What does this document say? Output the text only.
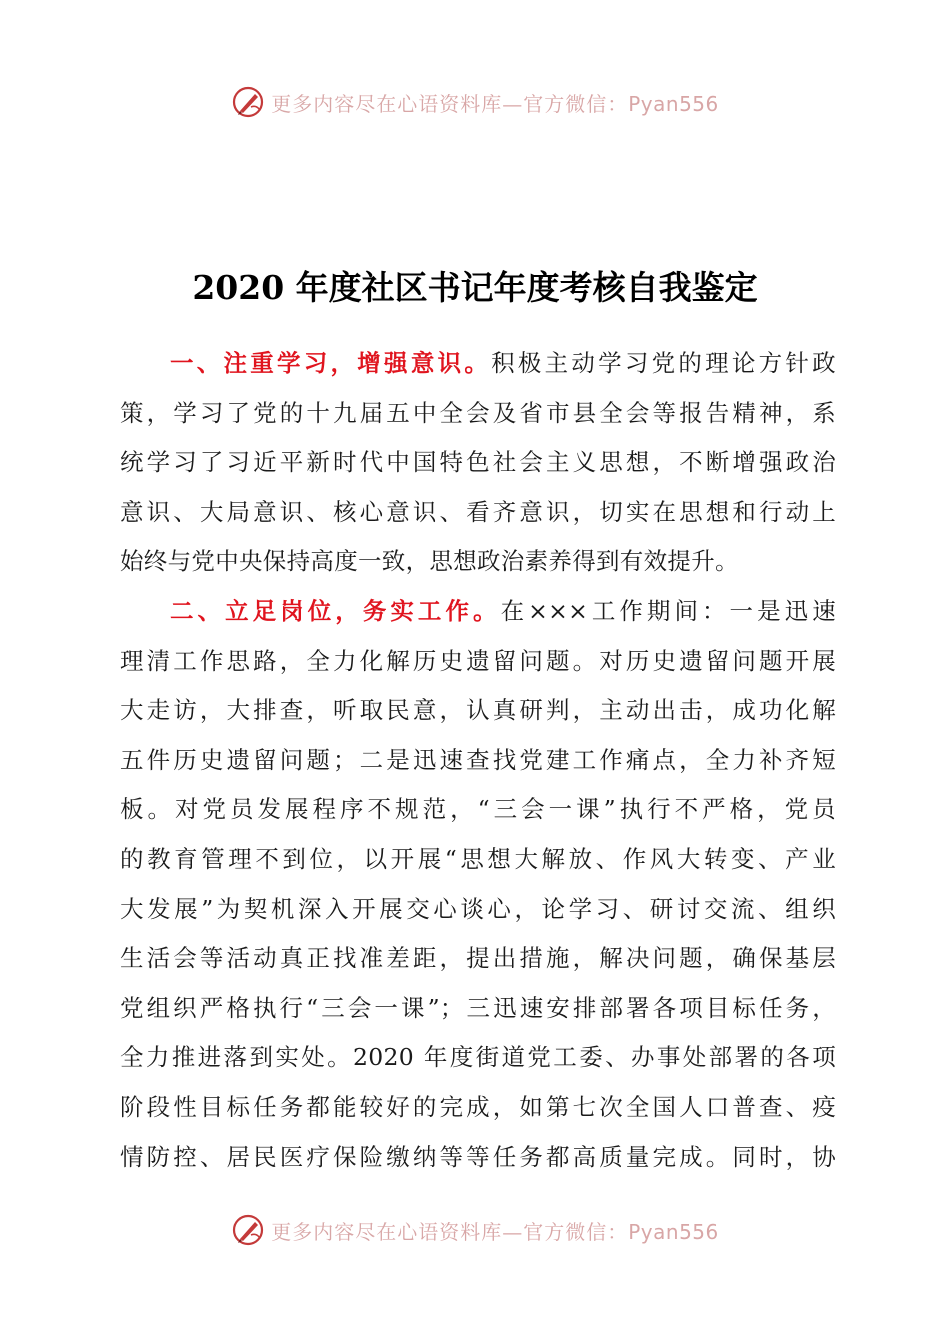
更多内容尽在心语资料库—官方微信：Pyan556
2020 年度社区书记年度考核自我鉴定
一、注重学习，增强意识。积极主动学习党的理论方针政
策，学习了党的十九届五中全会及省市县全会等报告精神，系
统学习了习近平新时代中国特色社会主义思想，不断增强政治
意识、大局意识、核心意识、看齐意识，切实在思想和行动上
始终与党中央保持高度一致，思想政治素养得到有效提升。
二、立足岗位，务实工作。在×××工作期间：一是迅速
理清工作思路，全力化解历史遗留问题。对历史遗留问题开展
大走访，大排查，听取民意，认真研判，主动出击，成功化解
五件历史遗留问题；二是迅速查找党建工作痛点，全力补齐短
板。对党员发展程序不规范，“三会一课”执行不严格，党员
的教育管理不到位，以开展“思想大解放、作风大转变、产业
大发展”为契机深入开展交心谈心，论学习、研讨交流、组织
生活会等活动真正找准差距，提出措施，解决问题，确保基层
党组织严格执行“三会一课”；三迅速安排部署各项目标任务，
全力推进落到实处。2020 年度街道党工委、办事处部署的各项
阶段性目标任务都能较好的完成，如第七次全国人口普查、疫
情防控、居民医疗保险缴纳等等任务都高质量完成。同时，协
更多内容尽在心语资料库—官方微信：Pyan556
